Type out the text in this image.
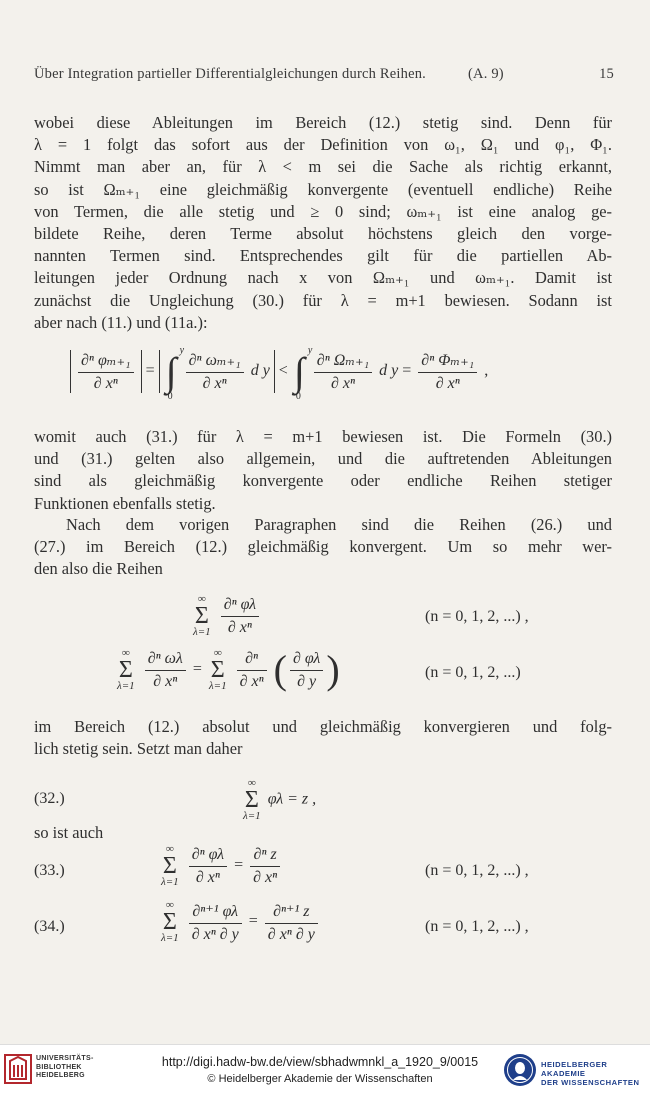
Über Integration partieller Differentialgleichungen durch Reihen.	(A. 9)	15
wobei diese Ableitungen im Bereich (12.) stetig sind. Denn für
λ = 1 folgt das sofort aus der Definition von ω₁, Ω₁ und φ₁, Φ₁.
Nimmt man aber an, für λ < m sei die Sache als richtig erkannt,
so ist Ωₘ₊₁ eine gleichmäßig konvergente (eventuell endliche) Reihe
von Termen, die alle stetig und ≥ 0 sind; ωₘ₊₁ ist eine analog ge-
bildete Reihe, deren Terme absolut höchstens gleich den vorge-
nannten Termen sind. Entsprechendes gilt für die partiellen Ab-
leitungen jeder Ordnung nach x von Ωₘ₊₁ und ωₘ₊₁. Damit ist
zunächst die Ungleichung (30.) für λ = m+1 bewiesen. Sodann ist
aber nach (11.) und (11a.):
$\frac{\text{∂ⁿ φₘ₊₁}}{\text{∂ xⁿ}}$ = ∫ y
0

$\frac{\text{∂ⁿ ωₘ₊₁}}{\text{∂ xⁿ}}$ d y < ∫ y
0

$\frac{\text{∂ⁿ Ωₘ₊₁}}{\text{∂ xⁿ}}$ d $y = \frac{\text{∂ⁿ Φₘ₊₁}}{\text{∂ xⁿ}}$ ,
womit auch (31.) für λ = m+1 bewiesen ist. Die Formeln (30.)
und (31.) gelten also allgemein, und die auftretenden Ableitungen
sind als gleichmäßig konvergente oder endliche Reihen stetiger
Funktionen ebenfalls stetig.
Nach dem vorigen Paragraphen sind die Reihen (26.) und
(27.) im Bereich (12.) gleichmäßig konvergent. Um so mehr wer-
den also die Reihen
∞
Σ
$\lambda=1 \frac{\text{∂ⁿ φλ}}{\text{∂ xⁿ}}$	(n = 0, 1, 2, ...) ,
∞
Σ
$\lambda=1 \frac{\text{∂ⁿ ωλ}}{\text{∂ xⁿ}}$ = ∞
Σ
$\lambda=1 \frac{\text{∂ⁿ}}{\text{∂ xⁿ}}$ ( $\frac{\partial \varphi\lambda}{\partial y}$ )	(n = 0, 1, 2, ...)
im Bereich (12.) absolut und gleichmäßig konvergieren und folg-
lich stetig sein. Setzt man daher
(32.)
∞
Σ
λ=1 φλ = z ,
so ist auch
(33.)
∞
Σ
$\lambda=1 \frac{\text{∂ⁿ φλ}}{\text{∂ xⁿ}} = \frac{\text{∂ⁿ z}}{\text{∂ xⁿ}}$	(n = 0, 1, 2, ...) ,
(34.)
∞
Σ
$\lambda=1 \frac{\text{∂ⁿ⁺¹ φλ}}{\text{∂ xⁿ ∂ y}} = \frac{\text{∂ⁿ⁺¹ z}}{\text{∂ xⁿ ∂ y}}$	(n = 0, 1, 2, ...) ,
UNIVERSITÄTS-
BIBLIOTHEK
HEIDELBERG
http://digi.hadw-bw.de/view/sbhadwmnkl_a_1920_9/0015
© Heidelberger Akademie der Wissenschaften
HEIDELBERGER AKADEMIE
DER WISSENSCHAFTEN
